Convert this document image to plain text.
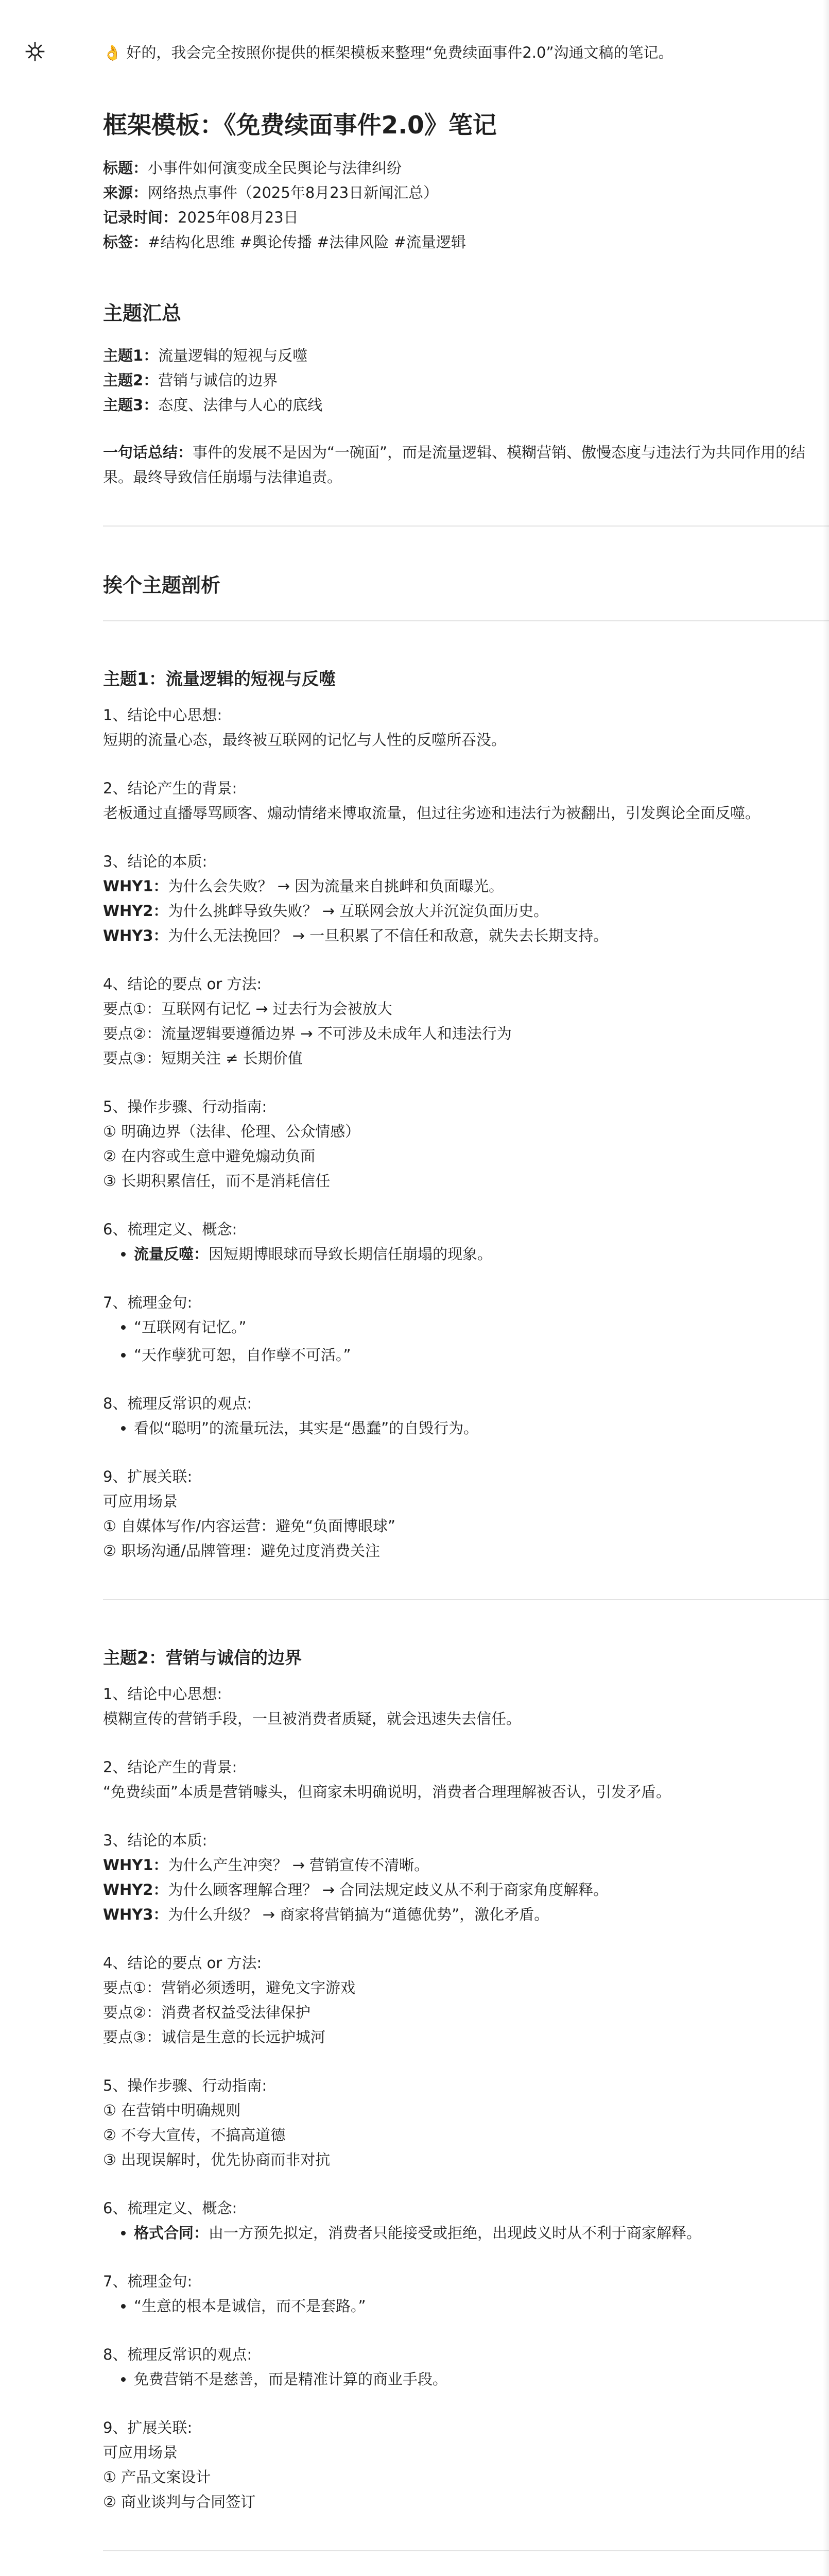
👌 好的，我会完全按照你提供的框架模板来整理“免费续面事件2.0”沟通文稿的笔记。
框架模板：《免费续面事件2.0》笔记
标题：小事件如何演变成全民舆论与法律纠纷
来源：网络热点事件（2025年8月23日新闻汇总）
记录时间：2025年08月23日
标签：#结构化思维 #舆论传播 #法律风险 #流量逻辑
主题汇总
主题1：流量逻辑的短视与反噬
主题2：营销与诚信的边界
主题3：态度、法律与人心的底线

一句话总结：事件的发展不是因为“一碗面”，而是流量逻辑、模糊营销、傲慢态度与违法行为共同作用的结果。最终导致信任崩塌与法律追责。

挨个主题剖析
主题1：流量逻辑的短视与反噬
1、结论中心思想:
短期的流量心态，最终被互联网的记忆与人性的反噬所吞没。
2、结论产生的背景:
老板通过直播辱骂顾客、煽动情绪来博取流量，但过往劣迹和违法行为被翻出，引发舆论全面反噬。
3、结论的本质:
WHY1：为什么会失败？ → 因为流量来自挑衅和负面曝光。
WHY2：为什么挑衅导致失败？ → 互联网会放大并沉淀负面历史。
WHY3：为什么无法挽回？ → 一旦积累了不信任和敌意，就失去长期支持。
4、结论的要点 or 方法:
要点①：互联网有记忆 → 过去行为会被放大
要点②：流量逻辑要遵循边界 → 不可涉及未成年人和违法行为
要点③：短期关注 ≠ 长期价值
5、操作步骤、行动指南:
① 明确边界（法律、伦理、公众情感）
② 在内容或生意中避免煽动负面
③ 长期积累信任，而不是消耗信任
6、梳理定义、概念:
• 流量反噬：因短期博眼球而导致长期信任崩塌的现象。
7、梳理金句:
• “互联网有记忆。”
• “天作孽犹可恕，自作孽不可活。”
8、梳理反常识的观点:
• 看似“聪明”的流量玩法，其实是“愚蠢”的自毁行为。
9、扩展关联:
可应用场景
① 自媒体写作/内容运营：避免“负面博眼球”
② 职场沟通/品牌管理：避免过度消费关注
主题2：营销与诚信的边界
1、结论中心思想:
模糊宣传的营销手段，一旦被消费者质疑，就会迅速失去信任。
2、结论产生的背景:
“免费续面”本质是营销噱头，但商家未明确说明，消费者合理理解被否认，引发矛盾。
3、结论的本质:
WHY1：为什么产生冲突？ → 营销宣传不清晰。
WHY2：为什么顾客理解合理？ → 合同法规定歧义从不利于商家角度解释。
WHY3：为什么升级？ → 商家将营销搞为“道德优势”，激化矛盾。
4、结论的要点 or 方法:
要点①：营销必须透明，避免文字游戏
要点②：消费者权益受法律保护
要点③：诚信是生意的长远护城河
5、操作步骤、行动指南:
① 在营销中明确规则
② 不夸大宣传，不搞高道德
③ 出现误解时，优先协商而非对抗
6、梳理定义、概念:
• 格式合同：由一方预先拟定，消费者只能接受或拒绝，出现歧义时从不利于商家解释。
7、梳理金句:
• “生意的根本是诚信，而不是套路。”
8、梳理反常识的观点:
• 免费营销不是慈善，而是精准计算的商业手段。
9、扩展关联:
可应用场景
① 产品文案设计
② 商业谈判与合同签订
